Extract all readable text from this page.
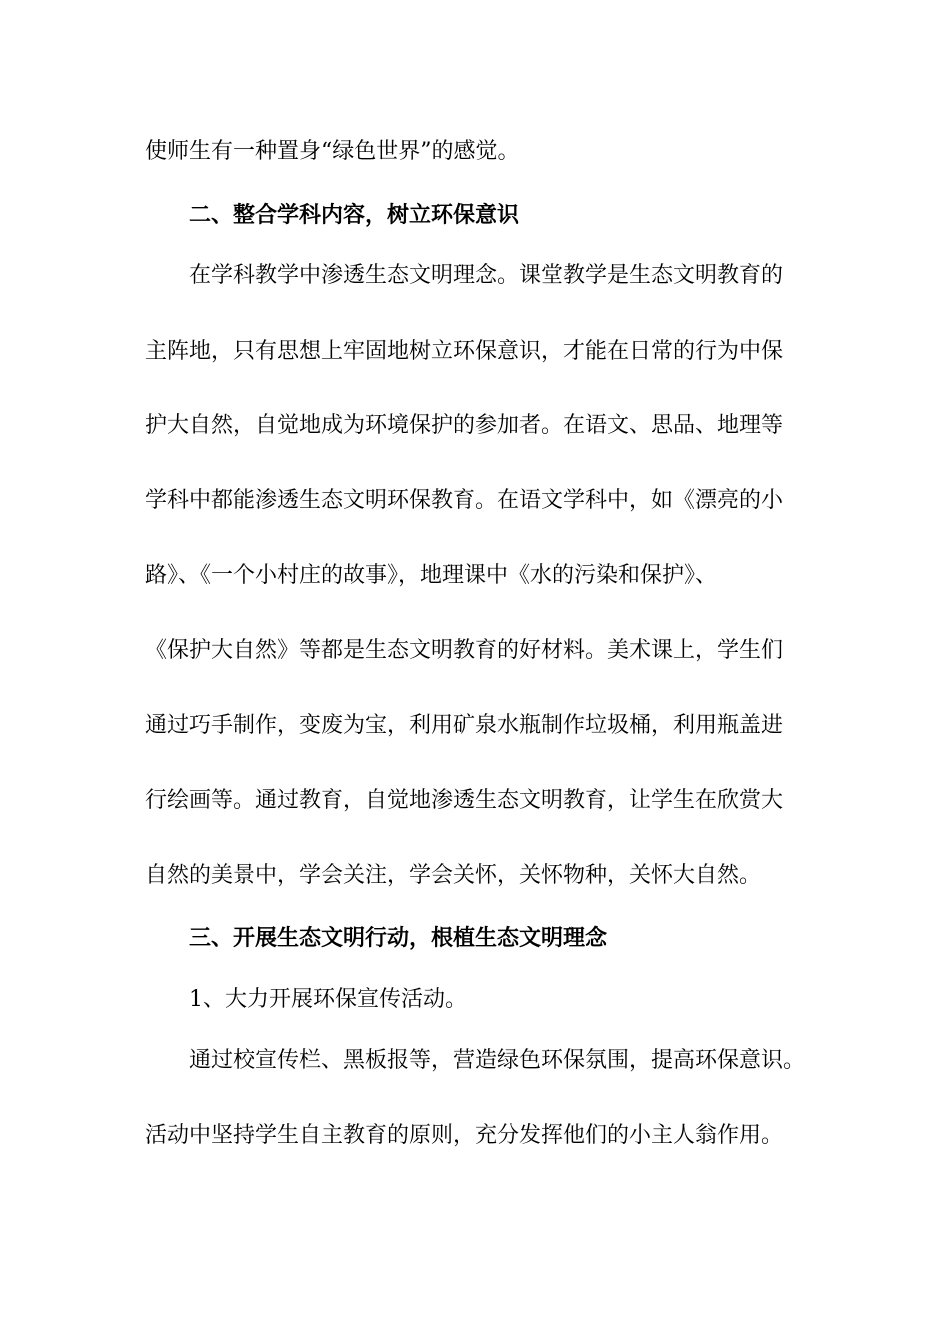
使师生有一种置身“绿色世界”的感觉。
二、整合学科内容，树立环保意识
在学科教学中渗透生态文明理念。课堂教学是生态文明教育的
主阵地，只有思想上牢固地树立环保意识，才能在日常的行为中保
护大自然，自觉地成为环境保护的参加者。在语文、思品、地理等
学科中都能渗透生态文明环保教育。在语文学科中，如《漂亮的小
路》、《一个小村庄的故事》，地理课中《水的污染和保护》、
《保护大自然》等都是生态文明教育的好材料。美术课上，学生们
通过巧手制作，变废为宝，利用矿泉水瓶制作垃圾桶，利用瓶盖进
行绘画等。通过教育，自觉地渗透生态文明教育，让学生在欣赏大
自然的美景中，学会关注，学会关怀，关怀物种，关怀大自然。
三、开展生态文明行动，根植生态文明理念
1、大力开展环保宣传活动。
通过校宣传栏、黑板报等，营造绿色环保氛围，提高环保意识。
活动中坚持学生自主教育的原则，充分发挥他们的小主人翁作用。
